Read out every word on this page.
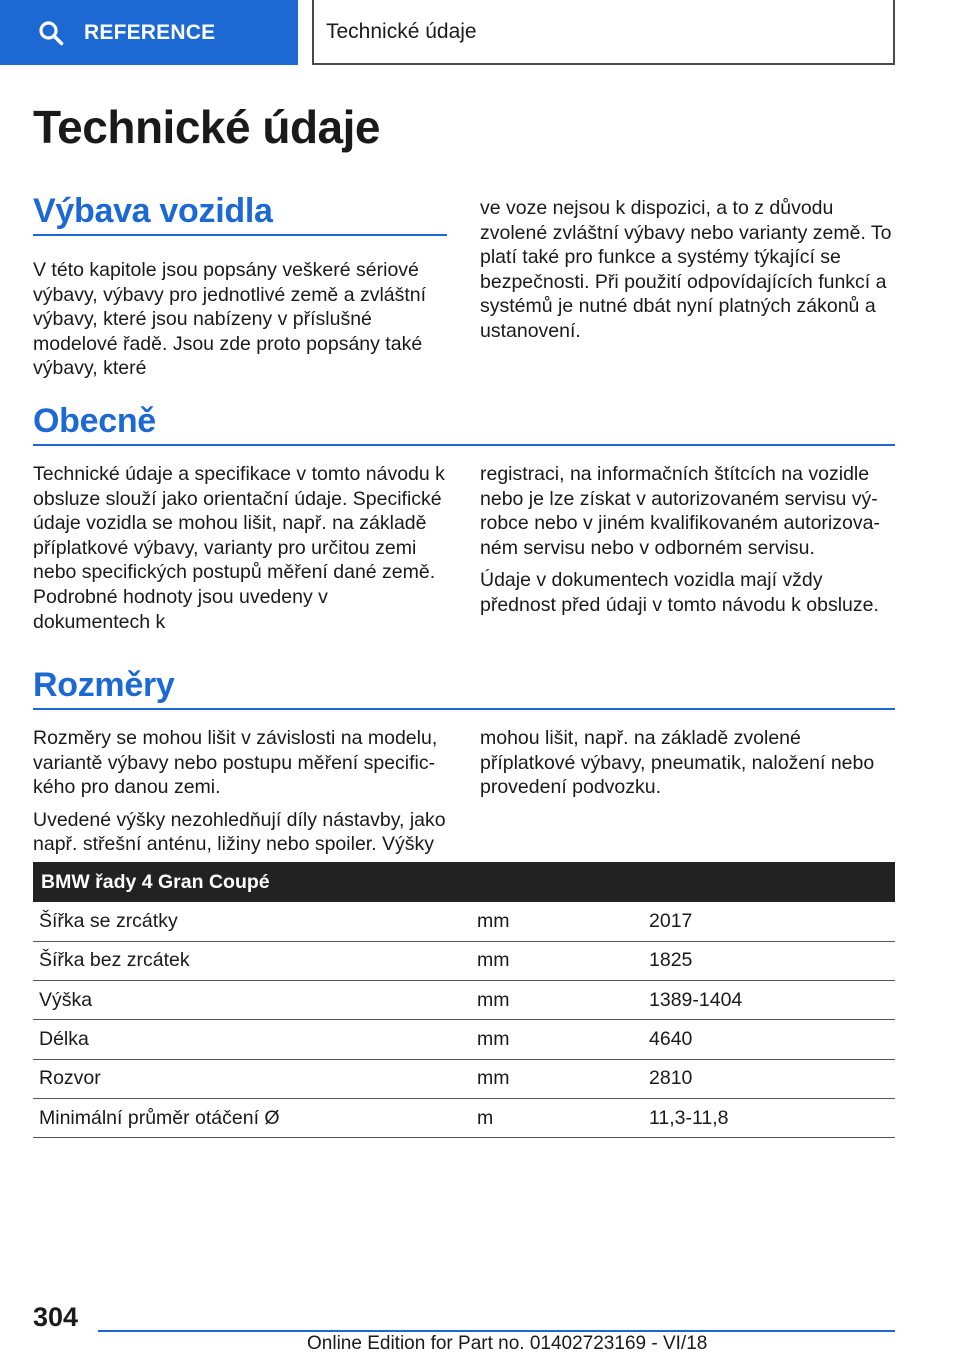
REFERENCE	Technické údaje
Technické údaje
Výbava vozidla

V této kapitole jsou popsány veškeré sériové výbavy, výbavy pro jednotlivé země a zvláštní výbavy, které jsou nabízeny v příslušné modelové řadě. Jsou zde proto popsány také výbavy, které

ve voze nejsou k dispozici, a to z důvodu zvolené zvláštní výbavy nebo varianty země. To platí také pro funkce a systémy týkající se bezpečnosti. Při použití odpovídajících funkcí a systémů je nutné dbát nyní platných zákonů a ustanovení.

Obecně

Technické údaje a specifikace v tomto návodu k obsluze slouží jako orientační údaje. Specifické údaje vozidla se mohou lišit, např. na základě příplatkové výbavy, varianty pro určitou zemi nebo specifických postupů měření dané země. Podrobné hodnoty jsou uvedeny v dokumentech k

registraci, na informačních štítcích na vozidle nebo je lze získat v autorizovaném servisu výrobce nebo v jiném kvalifikovaném autorizovaném servisu nebo v odborném servisu.

Údaje v dokumentech vozidla mají vždy přednost před údaji v tomto návodu k obsluze.

Rozměry

Rozměry se mohou lišit v závislosti na modelu, variantě výbavy nebo postupu měření specifického pro danou zemi.

Uvedené výšky nezohledňují díly nástavby, jako např. střešní anténu, ližiny nebo spoiler. Výšky

mohou lišit, např. na základě zvolené příplatkové výbavy, pneumatik, naložení nebo provedení podvozku.

BMW řady 4 Gran Coupé		
Šířka se zrcátky	mm	2017
Šířka bez zrcátek	mm	1825
Výška	mm	1389-1404
Délka	mm	4640
Rozvor	mm	2810
Minimální průměr otáčení Ø	m	11,3-11,8
304
Online Edition for Part no. 01402723169 - VI/18
